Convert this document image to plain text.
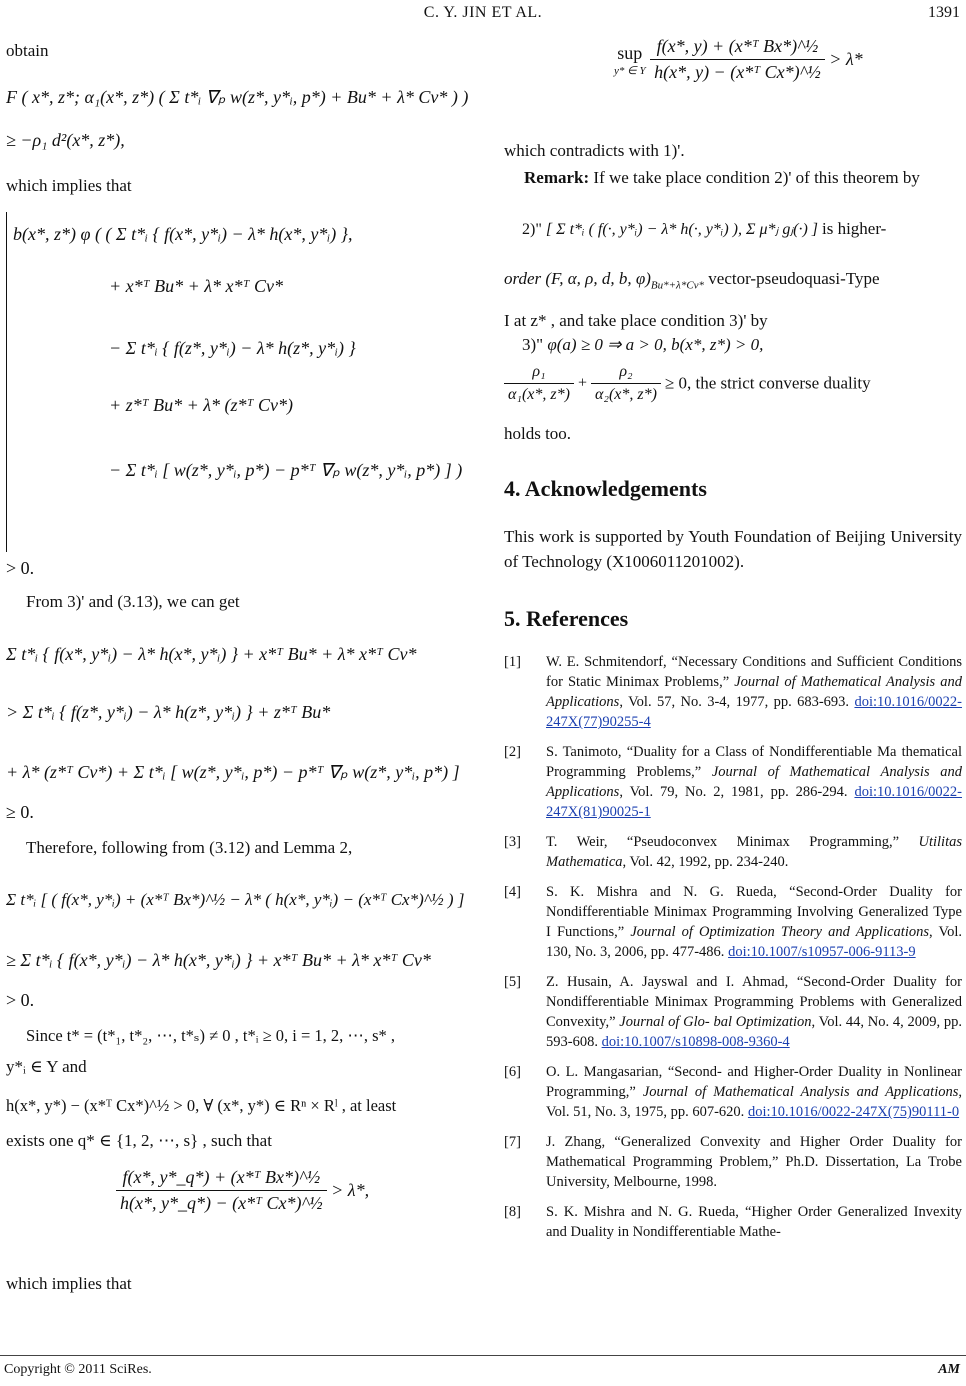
C. Y. JIN ET AL.	1391
obtain
F ( x*, z*; α₁(x*, z*) ( Σ t*ᵢ ∇ₚ w(z*, y*ᵢ, p*) + Bu* + λ* Cv* ) )
≥ −ρ₁ d²(x*, z*),
which implies that
b(x*, z*) φ ( ( Σ t*ᵢ { f(x*, y*ᵢ) − λ* h(x*, y*ᵢ) },
+ x*ᵀ Bu* + λ* x*ᵀ Cv*
− Σ t*ᵢ { f(z*, y*ᵢ) − λ* h(z*, y*ᵢ) }
+ z*ᵀ Bu* + λ* (z*ᵀ Cv*)
− Σ t*ᵢ [ w(z*, y*ᵢ, p*) − p*ᵀ ∇ₚ w(z*, y*ᵢ, p*) ] )
> 0.
From 3)' and (3.13), we can get
Σ t*ᵢ { f(x*, y*ᵢ) − λ* h(x*, y*ᵢ) } + x*ᵀ Bu* + λ* x*ᵀ Cv*
> Σ t*ᵢ { f(z*, y*ᵢ) − λ* h(z*, y*ᵢ) } + z*ᵀ Bu*
+ λ* (z*ᵀ Cv*) + Σ t*ᵢ [ w(z*, y*ᵢ, p*) − p*ᵀ ∇ₚ w(z*, y*ᵢ, p*) ]
≥ 0.
Therefore, following from (3.12) and Lemma 2,
Σ t*ᵢ [ ( f(x*, y*ᵢ) + (x*ᵀ Bx*)^½ − λ* ( h(x*, y*ᵢ) − (x*ᵀ Cx*)^½ ) ]
≥ Σ t*ᵢ { f(x*, y*ᵢ) − λ* h(x*, y*ᵢ) } + x*ᵀ Bu* + λ* x*ᵀ Cv*
> 0.
Since t* = (t*₁, t*₂, ⋯, t*ₛ) ≠ 0 , t*ᵢ ≥ 0, i = 1, 2, ⋯, s* ,
y*ᵢ ∈ Y and
h(x*, y*) − (x*ᵀ Cx*)^½ > 0, ∀ (x*, y*) ∈ Rⁿ × Rˡ , at least
exists one q* ∈ {1, 2, ⋯, s} , such that
$\frac{\text{f(x*, y*\_q*) + (x*ᵀ Bx*)\textasciicircum{}½}}{\text{h(x*, y*\_q*) − (x*ᵀ Cx*)\textasciicircum{}½}} > \lambda*$,
which implies that
sup
y* ∈ Y
$\frac{\text{f(x*, y) + (x*ᵀ Bx*)\textasciicircum{}½}}{\text{h(x*, y) − (x*ᵀ Cx*)\textasciicircum{}½}} > \lambda*$
which contradicts with 1)'.
Remark: If we take place condition 2)' of this theorem by
2)" [ Σ t*ᵢ ( f(·, y*ᵢ) − λ* h(·, y*ᵢ) ), Σ μ*ⱼ gⱼ(·) ] is higher-
order (F, α, ρ, d, b, $\varphi)_{Bu*+\lambda*Cv*}$ vector-pseudoquasi-Type
I at z* , and take place condition 3)' by
3)" φ(a) ≥ 0 ⇒ a > 0, b(x*, z*) > 0,
$\frac{\text{ρ₁}}{\text{α₁(x*, z*)}} + \frac{\text{ρ₂}}{\text{α₂(x*, z*)}} \ge 0$, the strict converse duality
holds too.
4. Acknowledgements
This work is supported by Youth Foundation of Beijing University of Technology (X1006011201002).
5. References
[1] W. E. Schmitendorf, “Necessary Conditions and Sufficient Conditions for Static Minimax Problems,” Journal of Mathematical Analysis and Applications, Vol. 57, No. 3-4, 1977, pp. 683-693. doi:10.1016/0022-247X(77)90255-4
[2] S. Tanimoto, “Duality for a Class of Nondifferentiable Ma thematical Programming Problems,” Journal of Mathematical Analysis and Applications, Vol. 79, No. 2, 1981, pp. 286-294. doi:10.1016/0022-247X(81)90025-1
[3] T. Weir, “Pseudoconvex Minimax Programming,” Utilitas Mathematica, Vol. 42, 1992, pp. 234-240.
[4] S. K. Mishra and N. G. Rueda, “Second-Order Duality for Nondifferentiable Minimax Programming Involving Generalized Type I Functions,” Journal of Optimization Theory and Applications, Vol. 130, No. 3, 2006, pp. 477-486. doi:10.1007/s10957-006-9113-9
[5] Z. Husain, A. Jayswal and I. Ahmad, “Second-Order Duality for Nondifferentiable Minimax Programming Problems with Generalized Convexity,” Journal of Glo- bal Optimization, Vol. 44, No. 4, 2009, pp. 593-608. doi:10.1007/s10898-008-9360-4
[6] O. L. Mangasarian, “Second- and Higher-Order Duality in Nonlinear Programming,” Journal of Mathematical Analysis and Applications, Vol. 51, No. 3, 1975, pp. 607-620. doi:10.1016/0022-247X(75)90111-0
[7] J. Zhang, “Generalized Convexity and Higher Order Duality for Mathematical Programming Problem,” Ph.D. Dissertation, La Trobe University, Melbourne, 1998.
[8] S. K. Mishra and N. G. Rueda, “Higher Order Generalized Invexity and Duality in Nondifferentiable Mathe-
Copyright © 2011 SciRes.	AM
